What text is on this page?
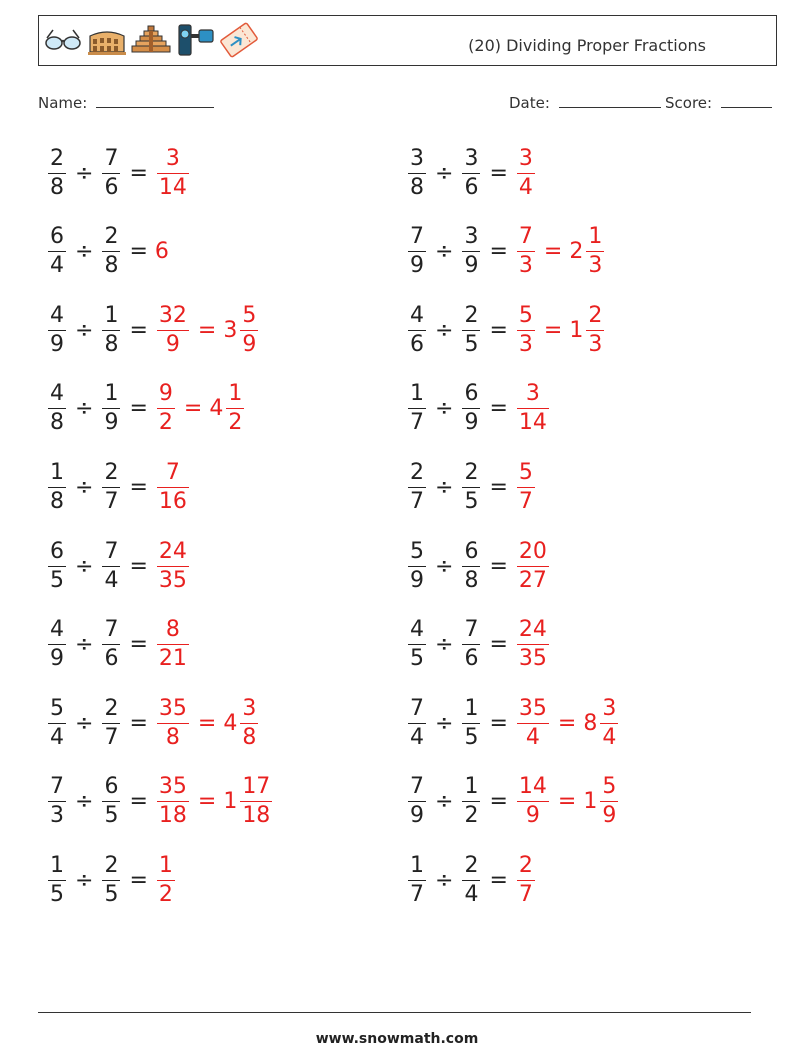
(20) Dividing Proper Fractions
Name:	Date:	Score:
$\frac{2}{8} \div \frac{7}{6} = \frac{3}{14}$
$\frac{6}{4} \div \frac{2}{8} = 6$
$\frac{4}{9} \div \frac{1}{8} = \frac{32}{9} = 3 \frac{5}{9}$
$\frac{4}{8} \div \frac{1}{9} = \frac{9}{2} = 4 \frac{1}{2}$
$\frac{1}{8} \div \frac{2}{7} = \frac{7}{16}$
$\frac{6}{5} \div \frac{7}{4} = \frac{24}{35}$
$\frac{4}{9} \div \frac{7}{6} = \frac{8}{21}$
$\frac{5}{4} \div \frac{2}{7} = \frac{35}{8} = 4 \frac{3}{8}$
$\frac{7}{3} \div \frac{6}{5} = \frac{35}{18} = 1 \frac{17}{18}$
$\frac{1}{5} \div \frac{2}{5} = \frac{1}{2}$
$\frac{3}{8} \div \frac{3}{6} = \frac{3}{4}$
$\frac{7}{9} \div \frac{3}{9} = \frac{7}{3} = 2 \frac{1}{3}$
$\frac{4}{6} \div \frac{2}{5} = \frac{5}{3} = 1 \frac{2}{3}$
$\frac{1}{7} \div \frac{6}{9} = \frac{3}{14}$
$\frac{2}{7} \div \frac{2}{5} = \frac{5}{7}$
$\frac{5}{9} \div \frac{6}{8} = \frac{20}{27}$
$\frac{4}{5} \div \frac{7}{6} = \frac{24}{35}$
$\frac{7}{4} \div \frac{1}{5} = \frac{35}{4} = 8 \frac{3}{4}$
$\frac{7}{9} \div \frac{1}{2} = \frac{14}{9} = 1 \frac{5}{9}$
$\frac{1}{7} \div \frac{2}{4} = \frac{2}{7}$
www.snowmath.com
